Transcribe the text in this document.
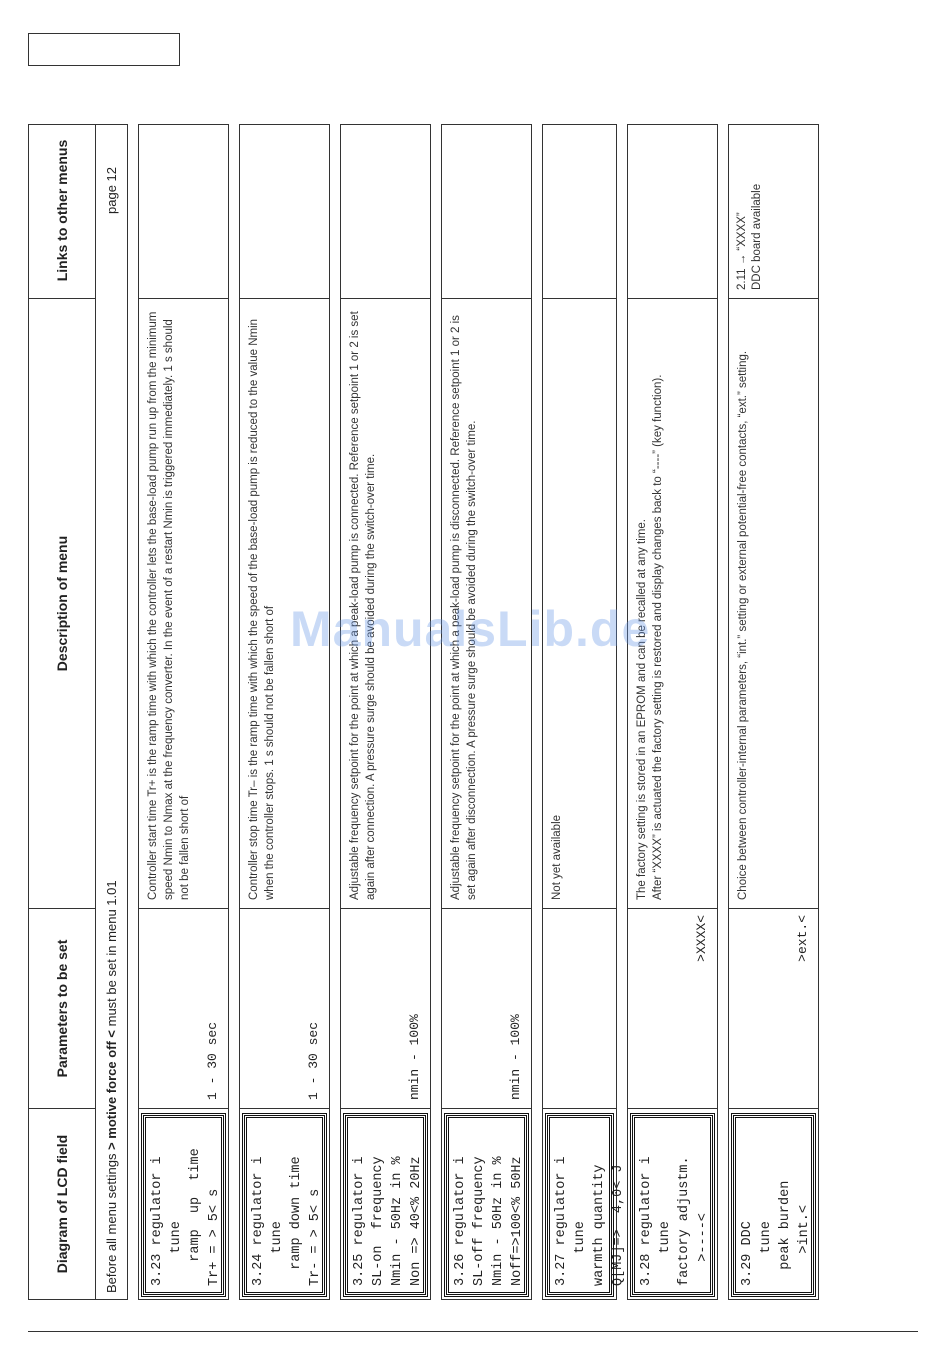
Diagram of LCD field
Parameters to be set
Description of menu
Links to other menus
Before all menu settings > motive force off < must be set in menu 1.01
page 12
3.23 regulator i
tune
ramp  up  time
Tr+ = > 5< s
1 - 30 sec
Controller start time Tr+ is the ramp time with which the controller lets the base-load pump run up from the minimum speed Nmin to Nmax at the frequency converter. In the event of a restart Nmin is triggered immediately. 1 s should not be fallen short of
3.24 regulator i
tune
ramp down time
Tr- = > 5< s
1 - 30 sec
Controller stop time Tr– is the ramp time with which the speed of the base-load pump is reduced to the value Nmin when the controller stops. 1 s should not be fallen short of
3.25 regulator i
SL-on  frequency
Nmin - 50Hz in %
Non => 40<% 20Hz
nmin - 100%
Adjustable frequency setpoint for the point at which a peak-load pump is connected. Reference setpoint 1 or 2 is set again after connection. A pressure surge should be avoided during the switch-over time.
3.26 regulator i
SL-off frequency
Nmin - 50Hz in %
Noff=>100<% 50Hz
nmin - 100%
Adjustable frequency setpoint for the point at which a peak-load pump is disconnected. Reference setpoint 1 or 2 is set again after disconnection. A pressure surge should be avoided during the switch-over time.
3.27 regulator i
tune
warmth quantity
Q[MJ]=>  4,0< J
Not yet available
3.28 regulator i
tune
factory adjustm.
>----<
>XXXX<
The factory setting is stored in an EPROM and can be recalled at any time.
After “XXXX” is actuated the factory setting is restored and display changes back to “----” (key function).
3.29 DDC
tune
peak burden
>int.<
>ext.<
Choice between controller-internal parameters, “int.” setting or external potential-free contacts, “ext.” setting.
2.11 → “XXXX”
DDC board available
ManualsLib.de
